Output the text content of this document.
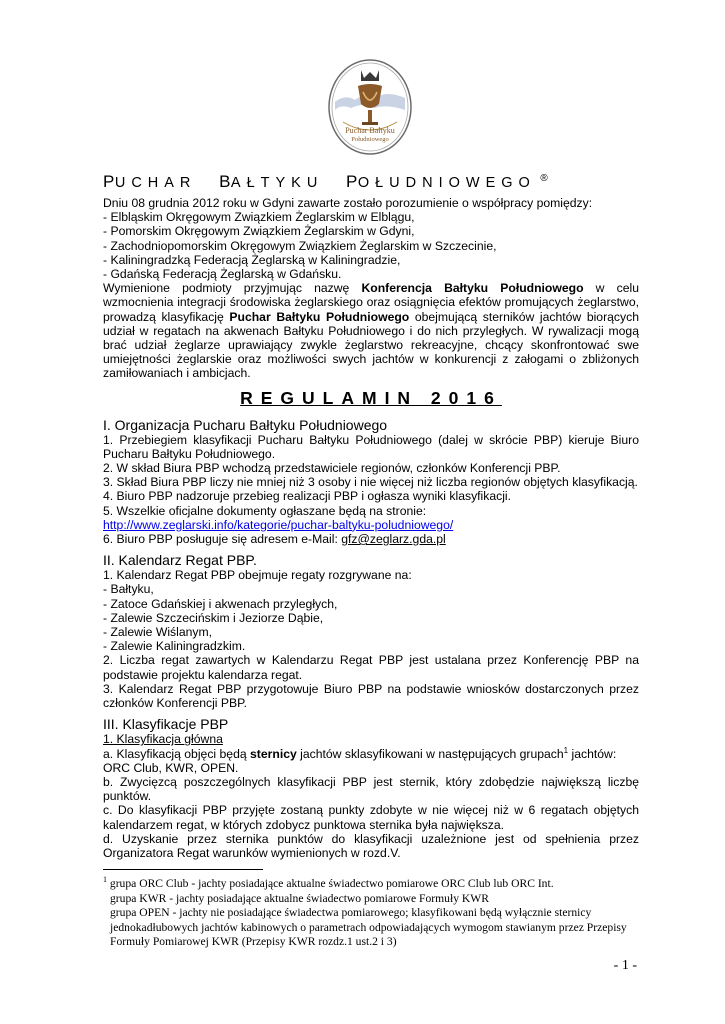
Puchar Bałtyku
Południowego
PUCHAR BAŁTYKU POŁUDNIOWEGO ®

Dniu 08 grudnia 2012 roku w Gdyni zawarte zostało porozumienie o współpracy pomiędzy:

- Elbląskim Okręgowym Związkiem Żeglarskim w Elblągu,

- Pomorskim Okręgowym Związkiem Żeglarskim w Gdyni,

- Zachodniopomorskim Okręgowym Związkiem Żeglarskim w Szczecinie,

- Kaliningradzką Federacją Żeglarską w Kaliningradzie,

- Gdańską Federacją Żeglarską w Gdańsku.

Wymienione podmioty przyjmując nazwę Konferencja Bałtyku Południowego w celu wzmocnienia integracji środowiska żeglarskiego oraz osiągnięcia efektów promujących żeglarstwo, prowadzą klasyfikację Puchar Bałtyku Południowego obejmującą sterników jachtów biorących udział w regatach na akwenach Bałtyku Południowego i do nich przyległych. W rywalizacji mogą brać udział żeglarze uprawiający zwykle żeglarstwo rekreacyjne, chcący skonfrontować swe umiejętności żeglarskie oraz możliwości swych jachtów w konkurencji z załogami o zbliżonych zamiłowaniach i ambicjach.

REGULAMIN 2016

I. Organizacja Pucharu Bałtyku Południowego

1. Przebiegiem klasyfikacji Pucharu Bałtyku Południowego (dalej w skrócie PBP) kieruje Biuro Pucharu Bałtyku Południowego.

2. W skład Biura PBP wchodzą przedstawiciele regionów, członków Konferencji PBP.

3. Skład Biura PBP liczy nie mniej niż 3 osoby i nie więcej niż liczba regionów objętych klasyfikacją.

4. Biuro PBP nadzoruje przebieg realizacji PBP i ogłasza wyniki klasyfikacji.

5. Wszelkie oficjalne dokumenty ogłaszane będą na stronie:

http://www.zeglarski.info/kategorie/puchar-baltyku-poludniowego/

6. Biuro PBP posługuje się adresem e-Mail: gfz@zeglarz.gda.pl

II. Kalendarz Regat PBP.

1. Kalendarz Regat PBP obejmuje regaty rozgrywane na:

- Bałtyku,

- Zatoce Gdańskiej i akwenach przyległych,

- Zalewie Szczecińskim i Jeziorze Dąbie,

- Zalewie Wiślanym,

- Zalewie Kaliningradzkim.

2. Liczba regat zawartych w Kalendarzu Regat PBP jest ustalana przez Konferencję PBP na podstawie projektu kalendarza regat.

3. Kalendarz Regat PBP przygotowuje Biuro PBP na podstawie wniosków dostarczonych przez członków Konferencji PBP.

III. Klasyfikacje PBP

1. Klasyfikacja główna

a. Klasyfikacją objęci będą sternicy jachtów sklasyfikowani w następujących grupach$^1$ jachtów:

ORC Club, KWR, OPEN.

b. Zwycięzcą poszczególnych klasyfikacji PBP jest sternik, który zdobędzie największą liczbę punktów.

c. Do klasyfikacji PBP przyjęte zostaną punkty zdobyte w nie więcej niż w 6 regatach objętych kalendarzem regat, w których zdobycz punktowa sternika była największa.

d. Uzyskanie przez sternika punktów do klasyfikacji uzależnione jest od spełnienia przez Organizatora Regat warunków wymienionych w rozd.V.

$^1$ grupa ORC Club - jachty posiadające aktualne świadectwo pomiarowe ORC Club lub ORC Int.

grupa KWR - jachty posiadające aktualne świadectwo pomiarowe Formuły KWR

grupa OPEN - jachty nie posiadające świadectwa pomiarowego; klasyfikowani będą wyłącznie sternicy jednokadłubowych jachtów kabinowych o parametrach odpowiadających wymogom stawianym przez Przepisy Formuły Pomiarowej KWR (Przepisy KWR rozdz.1 ust.2 i 3)

- 1 -
